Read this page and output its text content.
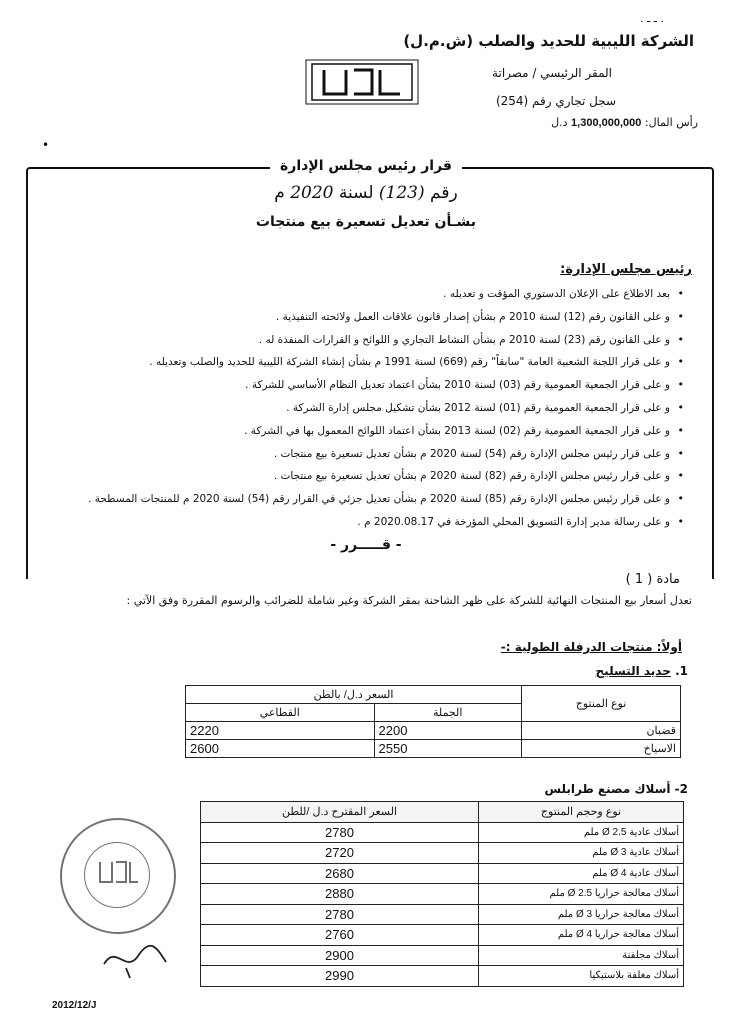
. ـ ـ .
الشركة الليبية للحديد والصلب (ش.م.ل)
المقر الرئيسي / مصراتة
سجل تجاري رقم (254)
رأس المال: 1,300,000,000 د.ل
•
قرار رئيس مجلس الإدارة
رقم (123) لسنة 2020 م
بشـأن تعديل تسعيرة بيع منتجات
رئيس مجلس الإدارة:
• بعد الاطلاع على الإعلان الدستوري المؤقت و تعديله .
• و على القانون رقم (12) لسنة 2010 م بشأن إصدار قانون علاقات العمل ولائحته التنفيذية .
• و على القانون رقم (23) لسنة 2010 م بشأن النشاط التجاري و اللوائح و القرارات المنفذة له .
• و على قرار اللجنة الشعبية العامة "سابقاً" رقم (669) لسنة 1991 م بشأن إنشاء الشركة الليبية للحديد والصلب وتعديله .
• و على قرار الجمعية العمومية رقم (03) لسنة 2010 بشأن اعتماد تعديل النظام الأساسي للشركة .
• و على قرار الجمعية العمومية رقم (01) لسنة 2012 بشأن تشكيل مجلس إدارة الشركة .
• و على قرار الجمعية العمومية رقم (02) لسنة 2013 بشأن اعتماد اللوائح المعمول بها في الشركة .
• و على قرار رئيس مجلس الإدارة رقم (54) لسنة 2020 م بشأن تعديل تسعيرة بيع منتجات .
• و على قرار رئيس مجلس الإدارة رقم (82) لسنة 2020 م بشأن تعديل تسعيرة بيع منتجات .
• و على قرار رئيس مجلس الإدارة رقم (85) لسنة 2020 م بشأن تعديل جزئي في القرار رقم (54) لسنة 2020 م للمنتجات المسطحة .
• و على رسالة مدير إدارة التسويق المحلي المؤرخة في 2020.08.17 م .
- قـــــرر -
مادة ( 1 )
تعدل أسعار بيع المنتجات النهائية للشركة على ظهر الشاحنة بمقر الشركة وغير شاملة للضرائب والرسوم المقررة وفق الآتي :
أولاً: منتجات الدرفلة الطولية :-
1. حديد التسليح
نوع المنتوج	السعر د.ل/ بالطن	
	الجملة	القطاعي
قضبان	2200	2220
الاسياخ	2550	2600
2- أسلاك مصنع طرابلس
نوع وحجم المنتوج	السعر المقترح د.ل /للطن
أسلاك عادية Ø 2.5 ملم	2780
أسلاك عادية Ø 3 ملم	2720
أسلاك عادية Ø 4 ملم	2680
أسلاك معالجة حراريا Ø 2.5 ملم	2880
أسلاك معالجة حراريا Ø 3 ملم	2780
أسلاك معالجة حراريا Ø 4 ملم	2760
أسلاك مجلفنة	2900
أسلاك مغلفة بلاستيكيا	2990
2012/12/J
